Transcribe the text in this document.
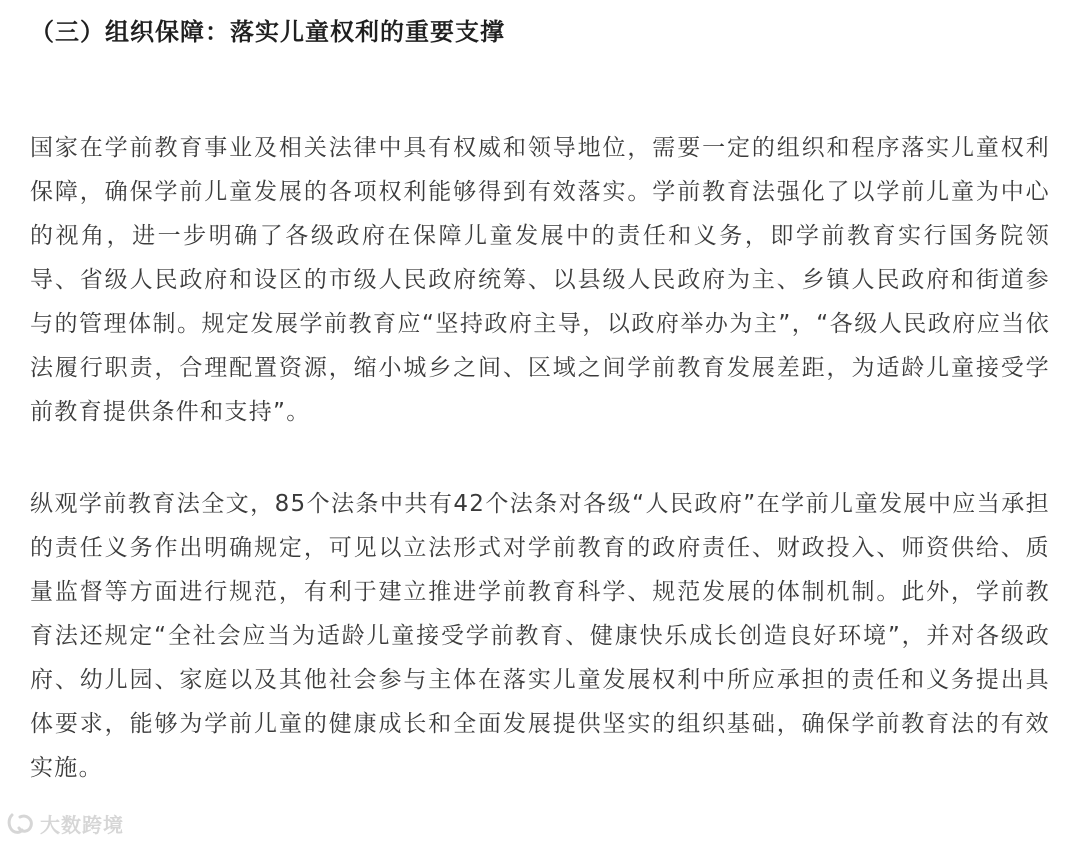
（三）组织保障：落实儿童权利的重要支撑

国家在学前教育事业及相关法律中具有权威和领导地位，需要一定的组织和程序落实儿童权利保障，确保学前儿童发展的各项权利能够得到有效落实。学前教育法强化了以学前儿童为中心的视角，进一步明确了各级政府在保障儿童发展中的责任和义务，即学前教育实行国务院领导、省级人民政府和设区的市级人民政府统筹、以县级人民政府为主、乡镇人民政府和街道参与的管理体制。规定发展学前教育应“坚持政府主导，以政府举办为主”，“各级人民政府应当依法履行职责，合理配置资源，缩小城乡之间、区域之间学前教育发展差距，为适龄儿童接受学前教育提供条件和支持”。

纵观学前教育法全文，85个法条中共有42个法条对各级“人民政府”在学前儿童发展中应当承担的责任义务作出明确规定，可见以立法形式对学前教育的政府责任、财政投入、师资供给、质量监督等方面进行规范，有利于建立推进学前教育科学、规范发展的体制机制。此外，学前教育法还规定“全社会应当为适龄儿童接受学前教育、健康快乐成长创造良好环境”，并对各级政府、幼儿园、家庭以及其他社会参与主体在落实儿童发展权利中所应承担的责任和义务提出具体要求，能够为学前儿童的健康成长和全面发展提供坚实的组织基础，确保学前教育法的有效实施。

大数跨境
